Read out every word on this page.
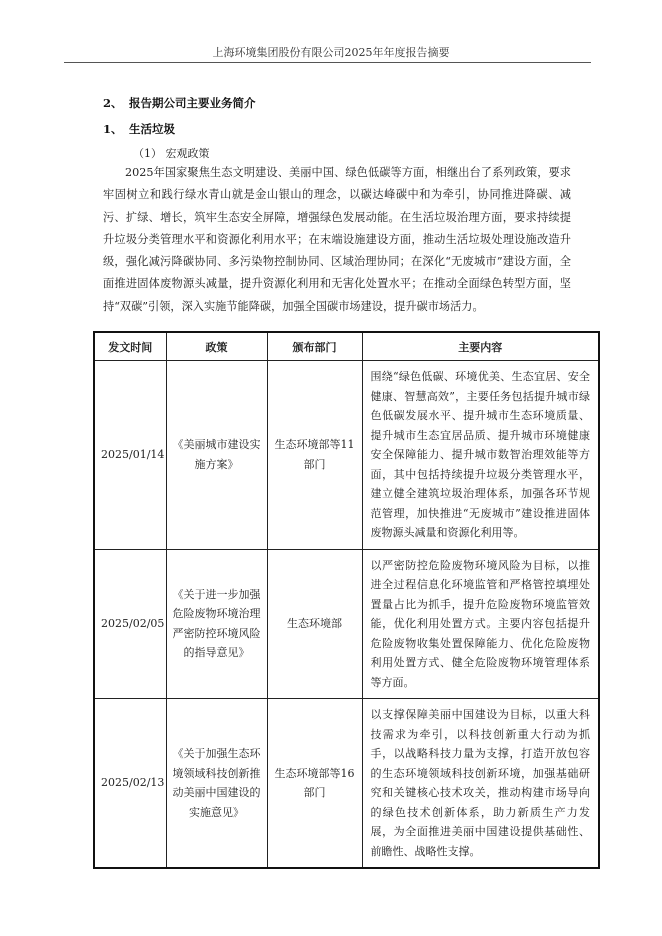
上海环境集团股份有限公司2025年年度报告摘要
2、 报告期公司主要业务简介
1、 生活垃圾
（1） 宏观政策

2025年国家聚焦生态文明建设、美丽中国、绿色低碳等方面，相继出台了系列政策，要求牢固树立和践行绿水青山就是金山银山的理念，以碳达峰碳中和为牵引，协同推进降碳、减污、扩绿、增长，筑牢生态安全屏障，增强绿色发展动能。在生活垃圾治理方面，要求持续提升垃圾分类管理水平和资源化利用水平；在末端设施建设方面，推动生活垃圾处理设施改造升级，强化减污降碳协同、多污染物控制协同、区域治理协同；在深化“无废城市”建设方面，全面推进固体废物源头减量，提升资源化利用和无害化处置水平；在推动全面绿色转型方面，坚持“双碳”引领，深入实施节能降碳，加强全国碳市场建设，提升碳市场活力。

发文时间	政策	颁布部门	主要内容
2025/01/14	《美丽城市建设实施方案》	生态环境部等11部门	围绕“绿色低碳、环境优美、生态宜居、安全健康、智慧高效”，主要任务包括提升城市绿色低碳发展水平、提升城市生态环境质量、提升城市生态宜居品质、提升城市环境健康安全保障能力、提升城市数智治理效能等方面，其中包括持续提升垃圾分类管理水平，建立健全建筑垃圾治理体系，加强各环节规范管理，加快推进“无废城市”建设推进固体废物源头减量和资源化利用等。
2025/02/05	《关于进一步加强危险废物环境治理 严密防控环境风险的指导意见》	生态环境部	以严密防控危险废物环境风险为目标，以推进全过程信息化环境监管和严格管控填埋处置量占比为抓手，提升危险废物环境监管效能，优化利用处置方式。主要内容包括提升危险废物收集处置保障能力、优化危险废物利用处置方式、健全危险废物环境管理体系等方面。
2025/02/13	《关于加强生态环境领域科技创新推动美丽中国建设的实施意见》	生态环境部等16部门	以支撑保障美丽中国建设为目标，以重大科技需求为牵引，以科技创新重大行动为抓手，以战略科技力量为支撑，打造开放包容的生态环境领域科技创新环境，加强基础研究和关键核心技术攻关，推动构建市场导向的绿色技术创新体系，助力新质生产力发展，为全面推进美丽中国建设提供基础性、前瞻性、战略性支撑。
